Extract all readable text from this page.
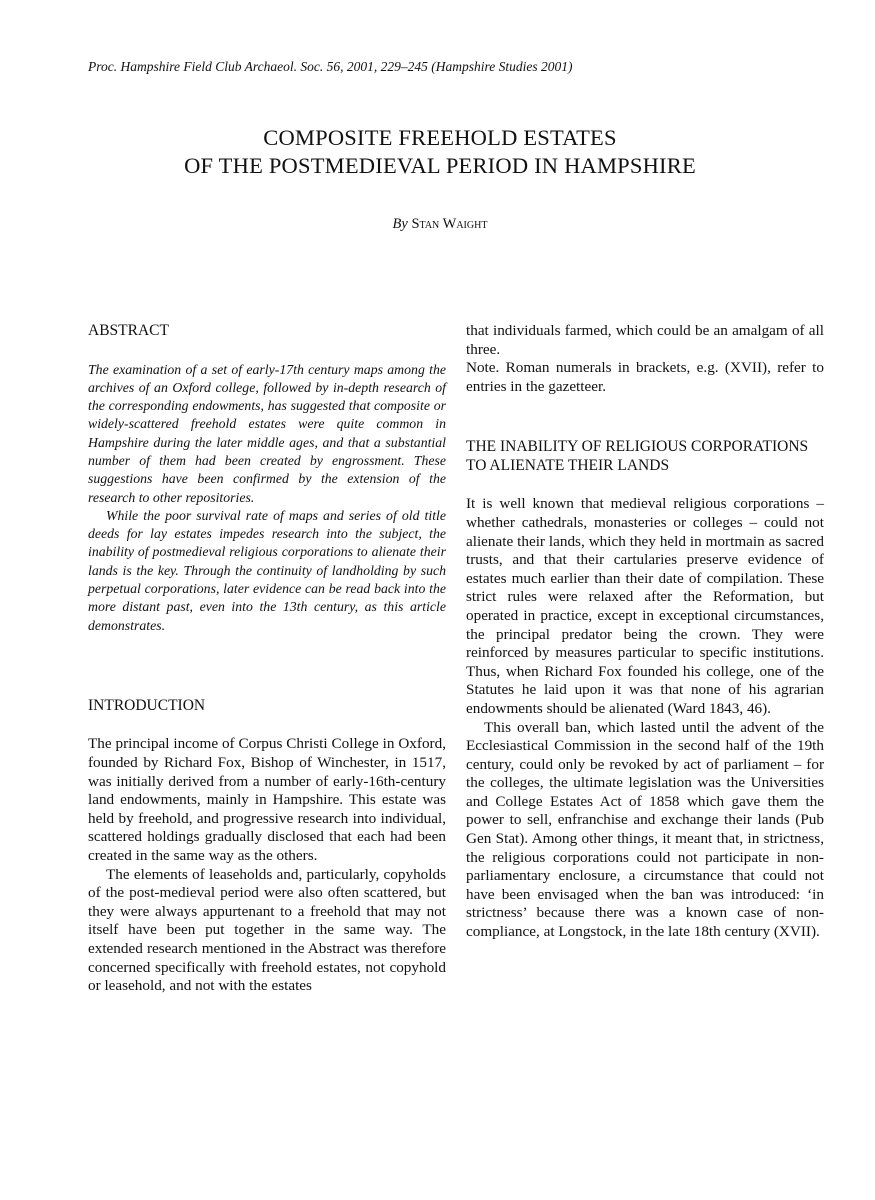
Proc. Hampshire Field Club Archaeol. Soc. 56, 2001, 229–245 (Hampshire Studies 2001)
COMPOSITE FREEHOLD ESTATES
OF THE POSTMEDIEVAL PERIOD IN HAMPSHIRE
By Stan Waight
ABSTRACT

The examination of a set of early-17th century maps among the archives of an Oxford college, followed by in-depth research of the corresponding endowments, has suggested that composite or widely-scattered freehold estates were quite common in Hampshire during the later middle ages, and that a substantial number of them had been created by engrossment. These suggestions have been confirmed by the extension of the research to other repositories.

While the poor survival rate of maps and series of old title deeds for lay estates impedes research into the subject, the inability of postmedieval religious corporations to alienate their lands is the key. Through the continuity of landholding by such perpetual corporations, later evidence can be read back into the more distant past, even into the 13th century, as this article demonstrates.

INTRODUCTION

The principal income of Corpus Christi College in Oxford, founded by Richard Fox, Bishop of Winchester, in 1517, was initially derived from a number of early-16th-century land endowments, mainly in Hampshire. This estate was held by freehold, and progressive research into individual, scattered holdings gradually disclosed that each had been created in the same way as the others.

The elements of leaseholds and, particularly, copyholds of the post-medieval period were also often scattered, but they were always appurtenant to a freehold that may not itself have been put together in the same way. The extended research mentioned in the Abstract was therefore concerned specifically with freehold estates, not copyhold or leasehold, and not with the estates

that individuals farmed, which could be an amalgam of all three.

Note. Roman numerals in brackets, e.g. (XVII), refer to entries in the gazetteer.

THE INABILITY OF RELIGIOUS CORPORATIONS TO ALIENATE THEIR LANDS

It is well known that medieval religious corporations – whether cathedrals, monasteries or colleges – could not alienate their lands, which they held in mortmain as sacred trusts, and that their cartularies preserve evidence of estates much earlier than their date of compilation. These strict rules were relaxed after the Reformation, but operated in practice, except in exceptional circumstances, the principal predator being the crown. They were reinforced by measures particular to specific institutions. Thus, when Richard Fox founded his college, one of the Statutes he laid upon it was that none of his agrarian endowments should be alienated (Ward 1843, 46).

This overall ban, which lasted until the advent of the Ecclesiastical Commission in the second half of the 19th century, could only be revoked by act of parliament – for the colleges, the ultimate legislation was the Universities and College Estates Act of 1858 which gave them the power to sell, enfranchise and exchange their lands (Pub Gen Stat). Among other things, it meant that, in strictness, the religious corporations could not participate in non-parliamentary enclosure, a circumstance that could not have been envisaged when the ban was introduced: ‘in strictness’ because there was a known case of non-compliance, at Longstock, in the late 18th century (XVII).
